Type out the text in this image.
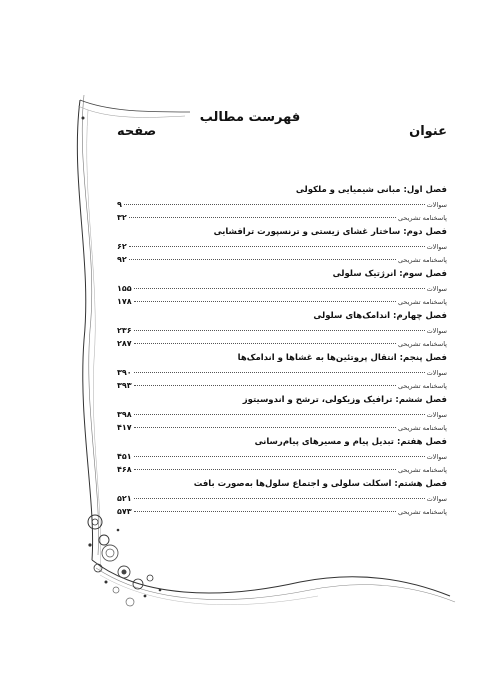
فهرست مطالب
عنوان
صفحه
فصل اول: مبانی شیمیایی و ملکولی
سوالات
۹
پاسخنامه تشریحی
۳۲
فصل دوم: ساختار غشای زیستی و ترنسپورت ترافشایی
سوالات
۶۲
پاسخنامه تشریحی
۹۲
فصل سوم: انرژتیک سلولی
سوالات
۱۵۵
پاسخنامه تشریحی
۱۷۸
فصل چهارم: اندامک‌های سلولی
سوالات
۲۳۶
پاسخنامه تشریحی
۲۸۷
فصل پنجم: انتقال پروتئین‌ها به غشاها و اندامک‌ها
سوالات
۳۹۰
پاسخنامه تشریحی
۳۹۳
فصل ششم: ترافیک وزیکولی، ترشح و اندوسیتوز
سوالات
۳۹۸
پاسخنامه تشریحی
۴۱۷
فصل هفتم: تبدیل پیام و مسیرهای پیام‌رسانی
سوالات
۴۵۱
پاسخنامه تشریحی
۴۶۸
فصل هشتم: اسکلت سلولی و اجتماع سلول‌ها به‌صورت بافت
سوالات
۵۲۱
پاسخنامه تشریحی
۵۷۳
